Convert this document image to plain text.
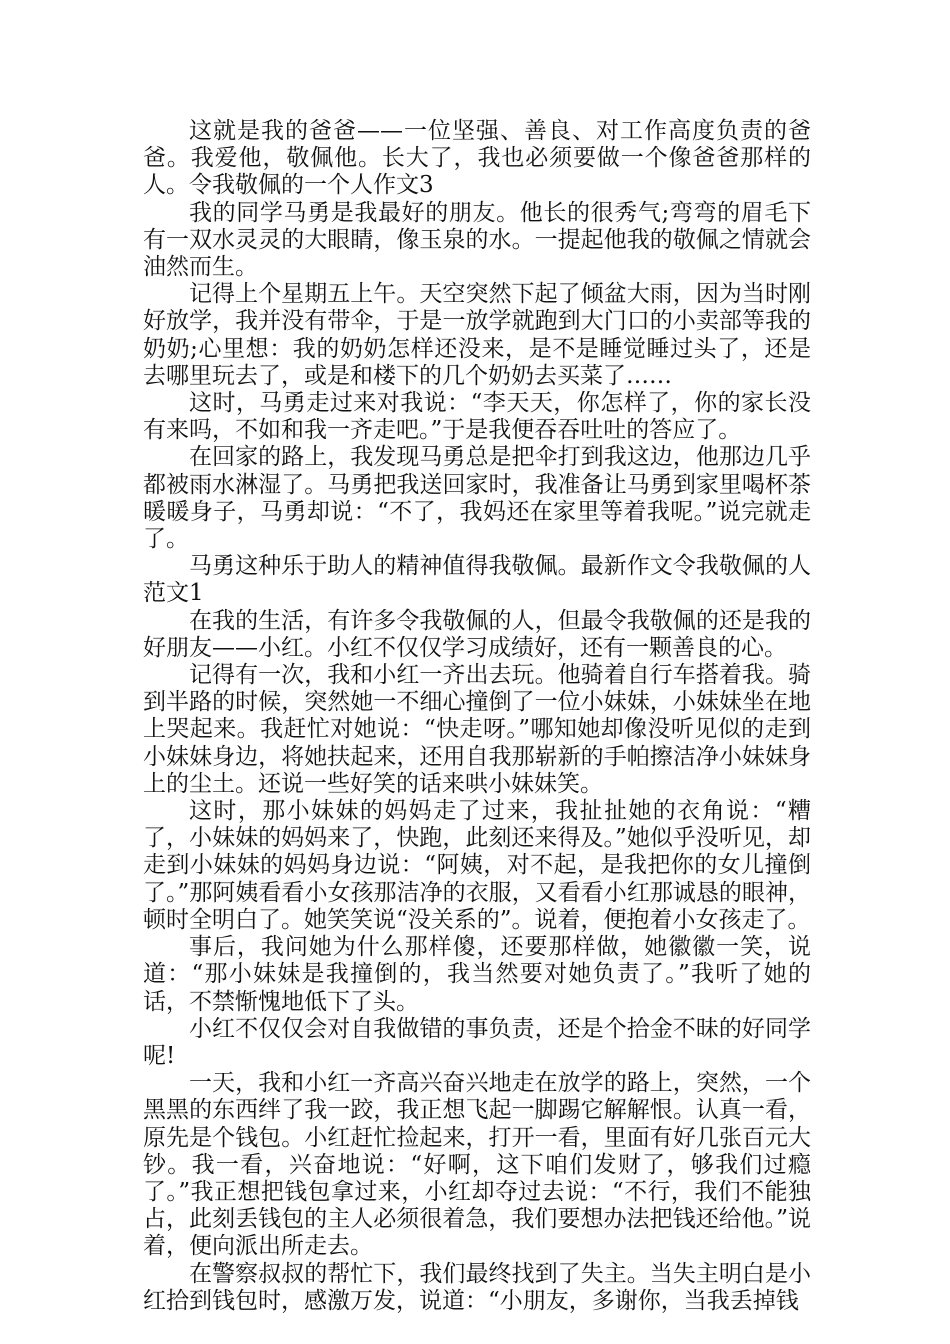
这就是我的爸爸——一位坚强、善良、对工作高度负责的爸爸。我爱他，敬佩他。长大了，我也必须要做一个像爸爸那样的人。令我敬佩的一个人作文3

我的同学马勇是我最好的朋友。他长的很秀气;弯弯的眉毛下有一双水灵灵的大眼睛，像玉泉的水。一提起他我的敬佩之情就会油然而生。

记得上个星期五上午。天空突然下起了倾盆大雨，因为当时刚好放学，我并没有带伞，于是一放学就跑到大门口的小卖部等我的奶奶;心里想：我的奶奶怎样还没来，是不是睡觉睡过头了，还是去哪里玩去了，或是和楼下的几个奶奶去买菜了……

这时，马勇走过来对我说：“李天天，你怎样了，你的家长没有来吗，不如和我一齐走吧。”于是我便吞吞吐吐的答应了。

在回家的路上，我发现马勇总是把伞打到我这边，他那边几乎都被雨水淋湿了。马勇把我送回家时，我准备让马勇到家里喝杯茶暖暖身子，马勇却说：“不了，我妈还在家里等着我呢。”说完就走了。

马勇这种乐于助人的精神值得我敬佩。最新作文令我敬佩的人范文1

在我的生活，有许多令我敬佩的人，但最令我敬佩的还是我的好朋友——小红。小红不仅仅学习成绩好，还有一颗善良的心。

记得有一次，我和小红一齐出去玩。他骑着自行车搭着我。骑到半路的时候，突然她一不细心撞倒了一位小妹妹，小妹妹坐在地上哭起来。我赶忙对她说：“快走呀。”哪知她却像没听见似的走到小妹妹身边，将她扶起来，还用自我那崭新的手帕擦洁净小妹妹身上的尘土。还说一些好笑的话来哄小妹妹笑。

这时，那小妹妹的妈妈走了过来，我扯扯她的衣角说：“糟了，小妹妹的妈妈来了，快跑，此刻还来得及。”她似乎没听见，却走到小妹妹的妈妈身边说：“阿姨，对不起，是我把你的女儿撞倒了。”那阿姨看看小女孩那洁净的衣服，又看看小红那诚恳的眼神，顿时全明白了。她笑笑说“没关系的”。说着，便抱着小女孩走了。

事后，我问她为什么那样傻，还要那样做，她徽徽一笑，说道：“那小妹妹是我撞倒的，我当然要对她负责了。”我听了她的话，不禁惭愧地低下了头。

小红不仅仅会对自我做错的事负责，还是个拾金不昧的好同学呢!

一天，我和小红一齐高兴奋兴地走在放学的路上，突然，一个黑黑的东西绊了我一跤，我正想飞起一脚踢它解解恨。认真一看，原先是个钱包。小红赶忙捡起来，打开一看，里面有好几张百元大钞。我一看，兴奋地说：“好啊，这下咱们发财了，够我们过瘾了。”我正想把钱包拿过来，小红却夺过去说：“不行，我们不能独占，此刻丢钱包的主人必须很着急，我们要想办法把钱还给他。”说着，便向派出所走去。

在警察叔叔的帮忙下，我们最终找到了失主。当失主明白是小红拾到钱包时，感激万发，说道：“小朋友，多谢你，当我丢掉钱
